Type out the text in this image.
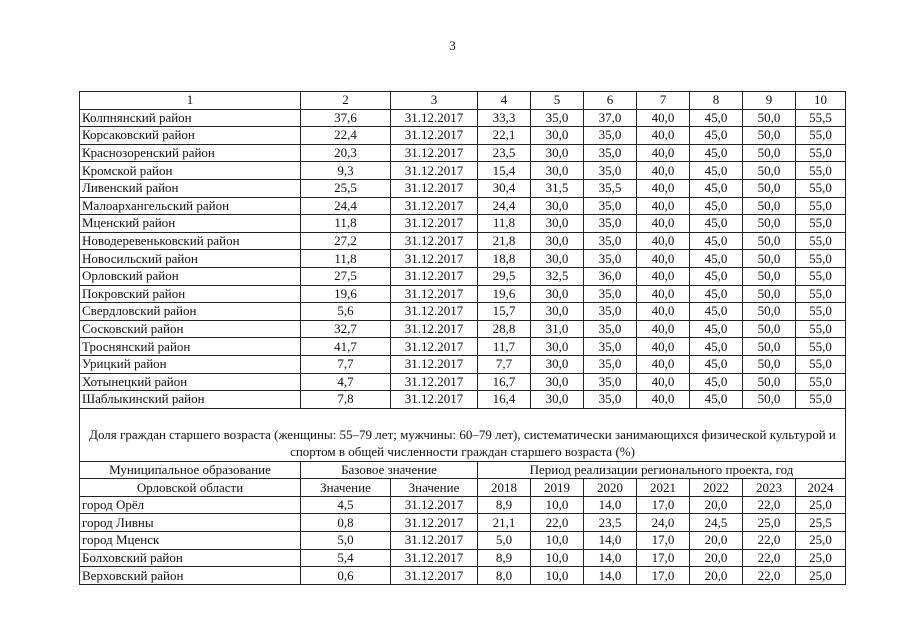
3
1	2	3	4	5	6	7	8	9	10
Колпнянский район	37,6	31.12.2017	33,3	35,0	37,0	40,0	45,0	50,0	55,5
Корсаковский район	22,4	31.12.2017	22,1	30,0	35,0	40,0	45,0	50,0	55,0
Краснозоренский район	20,3	31.12.2017	23,5	30,0	35,0	40,0	45,0	50,0	55,0
Кромской район	9,3	31.12.2017	15,4	30,0	35,0	40,0	45,0	50,0	55,0
Ливенский район	25,5	31.12.2017	30,4	31,5	35,5	40,0	45,0	50,0	55,0
Малоархангельский район	24,4	31.12.2017	24,4	30,0	35,0	40,0	45,0	50,0	55,0
Мценский район	11,8	31.12.2017	11,8	30,0	35,0	40,0	45,0	50,0	55,0
Новодеревеньковский район	27,2	31.12.2017	21,8	30,0	35,0	40,0	45,0	50,0	55,0
Новосильский район	11,8	31.12.2017	18,8	30,0	35,0	40,0	45,0	50,0	55,0
Орловский район	27,5	31.12.2017	29,5	32,5	36,0	40,0	45,0	50,0	55,0
Покровский район	19,6	31.12.2017	19,6	30,0	35,0	40,0	45,0	50,0	55,0
Свердловский район	5,6	31.12.2017	15,7	30,0	35,0	40,0	45,0	50,0	55,0
Сосковский район	32,7	31.12.2017	28,8	31,0	35,0	40,0	45,0	50,0	55,0
Троснянский район	41,7	31.12.2017	11,7	30,0	35,0	40,0	45,0	50,0	55,0
Урицкий район	7,7	31.12.2017	7,7	30,0	35,0	40,0	45,0	50,0	55,0
Хотынецкий район	4,7	31.12.2017	16,7	30,0	35,0	40,0	45,0	50,0	55,0
Шаблыкинский район	7,8	31.12.2017	16,4	30,0	35,0	40,0	45,0	50,0	55,0

Доля граждан старшего возраста (женщины: 55–79 лет; мужчины: 60–79 лет), систематически занимающихся физической культурой и спортом в общей численности граждан старшего возраста (%)									

Муниципальное образование	Базовое значение		Период реализации регионального проекта, год						
Орловской области	Значение	Значение	2018	2019	2020	2021	2022	2023	2024
город Орёл	4,5	31.12.2017	8,9	10,0	14,0	17,0	20,0	22,0	25,0
город Ливны	0,8	31.12.2017	21,1	22,0	23,5	24,0	24,5	25,0	25,5
город Мценск	5,0	31.12.2017	5,0	10,0	14,0	17,0	20,0	22,0	25,0
Болховский район	5,4	31.12.2017	8,9	10,0	14,0	17,0	20,0	22,0	25,0
Верховский район	0,6	31.12.2017	8,0	10,0	14,0	17,0	20,0	22,0	25,0
